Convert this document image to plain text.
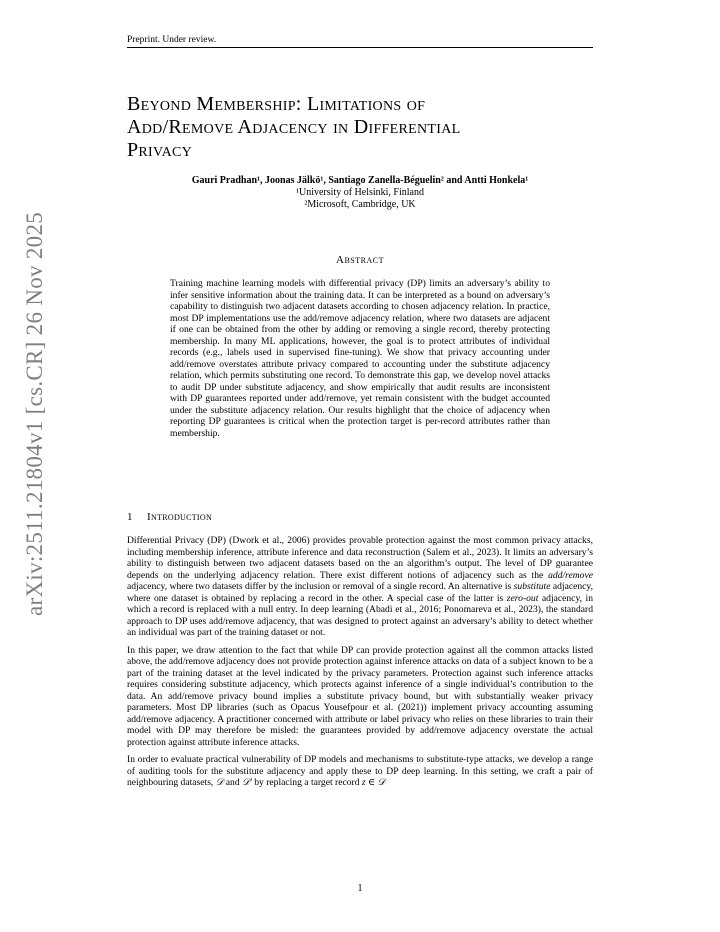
Preprint. Under review.
arXiv:2511.21804v1 [cs.CR] 26 Nov 2025
Beyond Membership: Limitations of
Add/Remove Adjacency in Differential
Privacy
Gauri Pradhan¹, Joonas Jälkö¹, Santiago Zanella-Béguelin² and Antti Honkela¹
¹University of Helsinki, Finland
²Microsoft, Cambridge, UK
Abstract

Training machine learning models with differential privacy (DP) limits an adversary’s ability to infer sensitive information about the training data. It can be interpreted as a bound on adversary’s capability to distinguish two adjacent datasets according to chosen adjacency relation. In practice, most DP implementations use the add/remove adjacency relation, where two datasets are adjacent if one can be obtained from the other by adding or removing a single record, thereby protecting membership. In many ML applications, however, the goal is to protect attributes of individual records (e.g., labels used in supervised fine-tuning). We show that privacy accounting under add/remove overstates attribute privacy compared to accounting under the substitute adjacency relation, which permits substituting one record. To demonstrate this gap, we develop novel attacks to audit DP under substitute adjacency, and show empirically that audit results are inconsistent with DP guarantees reported under add/remove, yet remain consistent with the budget accounted under the substitute adjacency relation. Our results highlight that the choice of adjacency when reporting DP guarantees is critical when the protection target is per-record attributes rather than membership.

1 Introduction

Differential Privacy (DP) (Dwork et al., 2006) provides provable protection against the most common privacy attacks, including membership inference, attribute inference and data reconstruction (Salem et al., 2023). It limits an adversary’s ability to distinguish between two adjacent datasets based on the an algorithm’s output. The level of DP guarantee depends on the underlying adjacency relation. There exist different notions of adjacency such as the add/remove adjacency, where two datasets differ by the inclusion or removal of a single record. An alternative is substitute adjacency, where one dataset is obtained by replacing a record in the other. A special case of the latter is zero-out adjacency, in which a record is replaced with a null entry. In deep learning (Abadi et al., 2016; Ponomareva et al., 2023), the standard approach to DP uses add/remove adjacency, that was designed to protect against an adversary’s ability to detect whether an individual was part of the training dataset or not.

In this paper, we draw attention to the fact that while DP can provide protection against all the common attacks listed above, the add/remove adjacency does not provide protection against inference attacks on data of a subject known to be a part of the training dataset at the level indicated by the privacy parameters. Protection against such inference attacks requires considering substitute adjacency, which protects against inference of a single individual’s contribution to the data. An add/remove privacy bound implies a substitute privacy bound, but with substantially weaker privacy parameters. Most DP libraries (such as Opacus Yousefpour et al. (2021)) implement privacy accounting assuming add/remove adjacency. A practitioner concerned with attribute or label privacy who relies on these libraries to train their model with DP may therefore be misled: the guarantees provided by add/remove adjacency overstate the actual protection against attribute inference attacks.

In order to evaluate practical vulnerability of DP models and mechanisms to substitute-type attacks, we develop a range of auditing tools for the substitute adjacency and apply these to DP deep learning. In this setting, we craft a pair of neighbouring datasets, 𝒟 and 𝒟′ by replacing a target record z ∈ 𝒟

1
